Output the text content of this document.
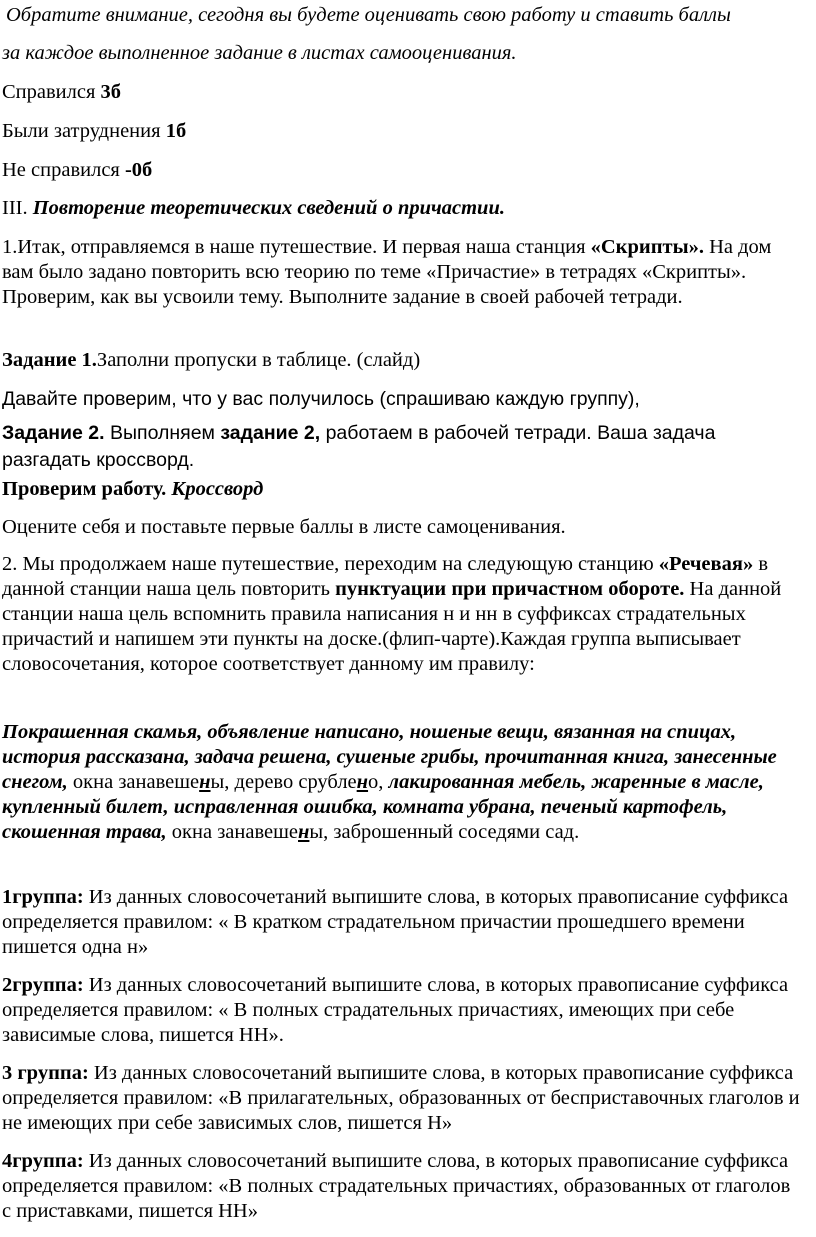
Обратите внимание, сегодня вы будете оценивать свою работу и ставить баллы

за каждое выполненное задание в листах самооценивания.

Справился 3б

Были затруднения 1б

Не справился -0б

III. Повторение теоретических сведений о причастии.

1.Итак, отправляемся в наше путешествие. И первая наша станция «Скрипты». На дом вам было задано повторить всю теорию по теме «Причастие» в тетрадях «Скрипты». Проверим, как вы усвоили тему. Выполните задание в своей рабочей тетради.

Задание 1.Заполни пропуски в таблице. (слайд)

Давайте проверим, что у вас получилось (спрашиваю каждую группу),

Задание 2. Выполняем задание 2, работаем в рабочей тетради. Ваша задача разгадать кроссворд.

Проверим работу. Кроссворд

Оцените себя и поставьте первые баллы в листе самоценивания.

2. Мы продолжаем наше путешествие, переходим на следующую станцию «Речевая» в данной станции наша цель повторить пунктуации при причастном обороте. На данной станции наша цель вспомнить правила написания н и нн в суффиксах страдательных причастий и напишем эти пункты на доске.(флип-чарте).Каждая группа выписывает словосочетания, которое соответствует данному им правилу:

Покрашенная скамья, объявление написано, ношеные вещи, вязанная на спицах, история рассказана, задача решена, сушеные грибы, прочитанная книга, занесенные снегом, окна занавешены, дерево срублено, лакированная мебель, жаренные в масле, купленный билет, исправленная ошибка, комната убрана, печеный картофель, скошенная трава, окна занавешены, заброшенный соседями сад.

1группа: Из данных словосочетаний выпишите слова, в которых правописание суффикса определяется правилом: « В кратком страдательном причастии прошедшего времени пишется одна н»

2группа: Из данных словосочетаний выпишите слова, в которых правописание суффикса определяется правилом: « В полных страдательных причастиях, имеющих при себе зависимые слова, пишется НН».

3 группа: Из данных словосочетаний выпишите слова, в которых правописание суффикса определяется правилом: «В прилагательных, образованных от бесприставочных глаголов и не имеющих при себе зависимых слов, пишется Н»

4группа: Из данных словосочетаний выпишите слова, в которых правописание суффикса определяется правилом: «В полных страдательных причастиях, образованных от глаголов с приставками, пишется НН»
